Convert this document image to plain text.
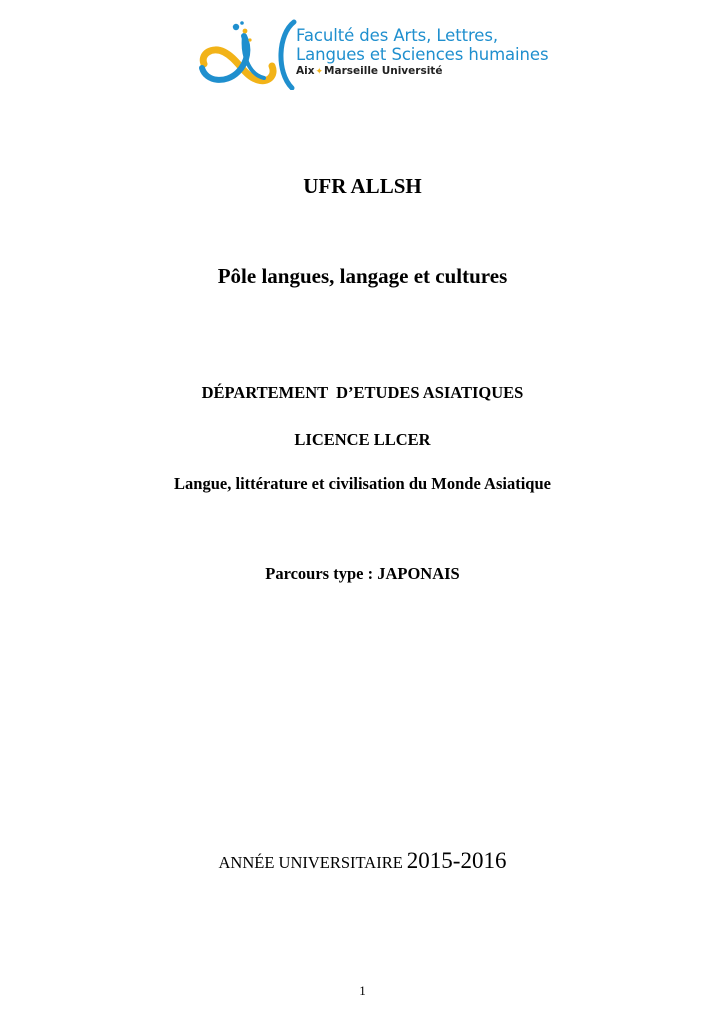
Faculté des Arts, Lettres,
Langues et Sciences humaines
Aix✦Marseille Université
UFR ALLSH
Pôle langues, langage et cultures
DÉPARTEMENT  D’ETUDES ASIATIQUES
LICENCE LLCER
Langue, littérature et civilisation du Monde Asiatique
Parcours type : JAPONAIS
ANNÉE UNIVERSITAIRE 2015-2016
1
